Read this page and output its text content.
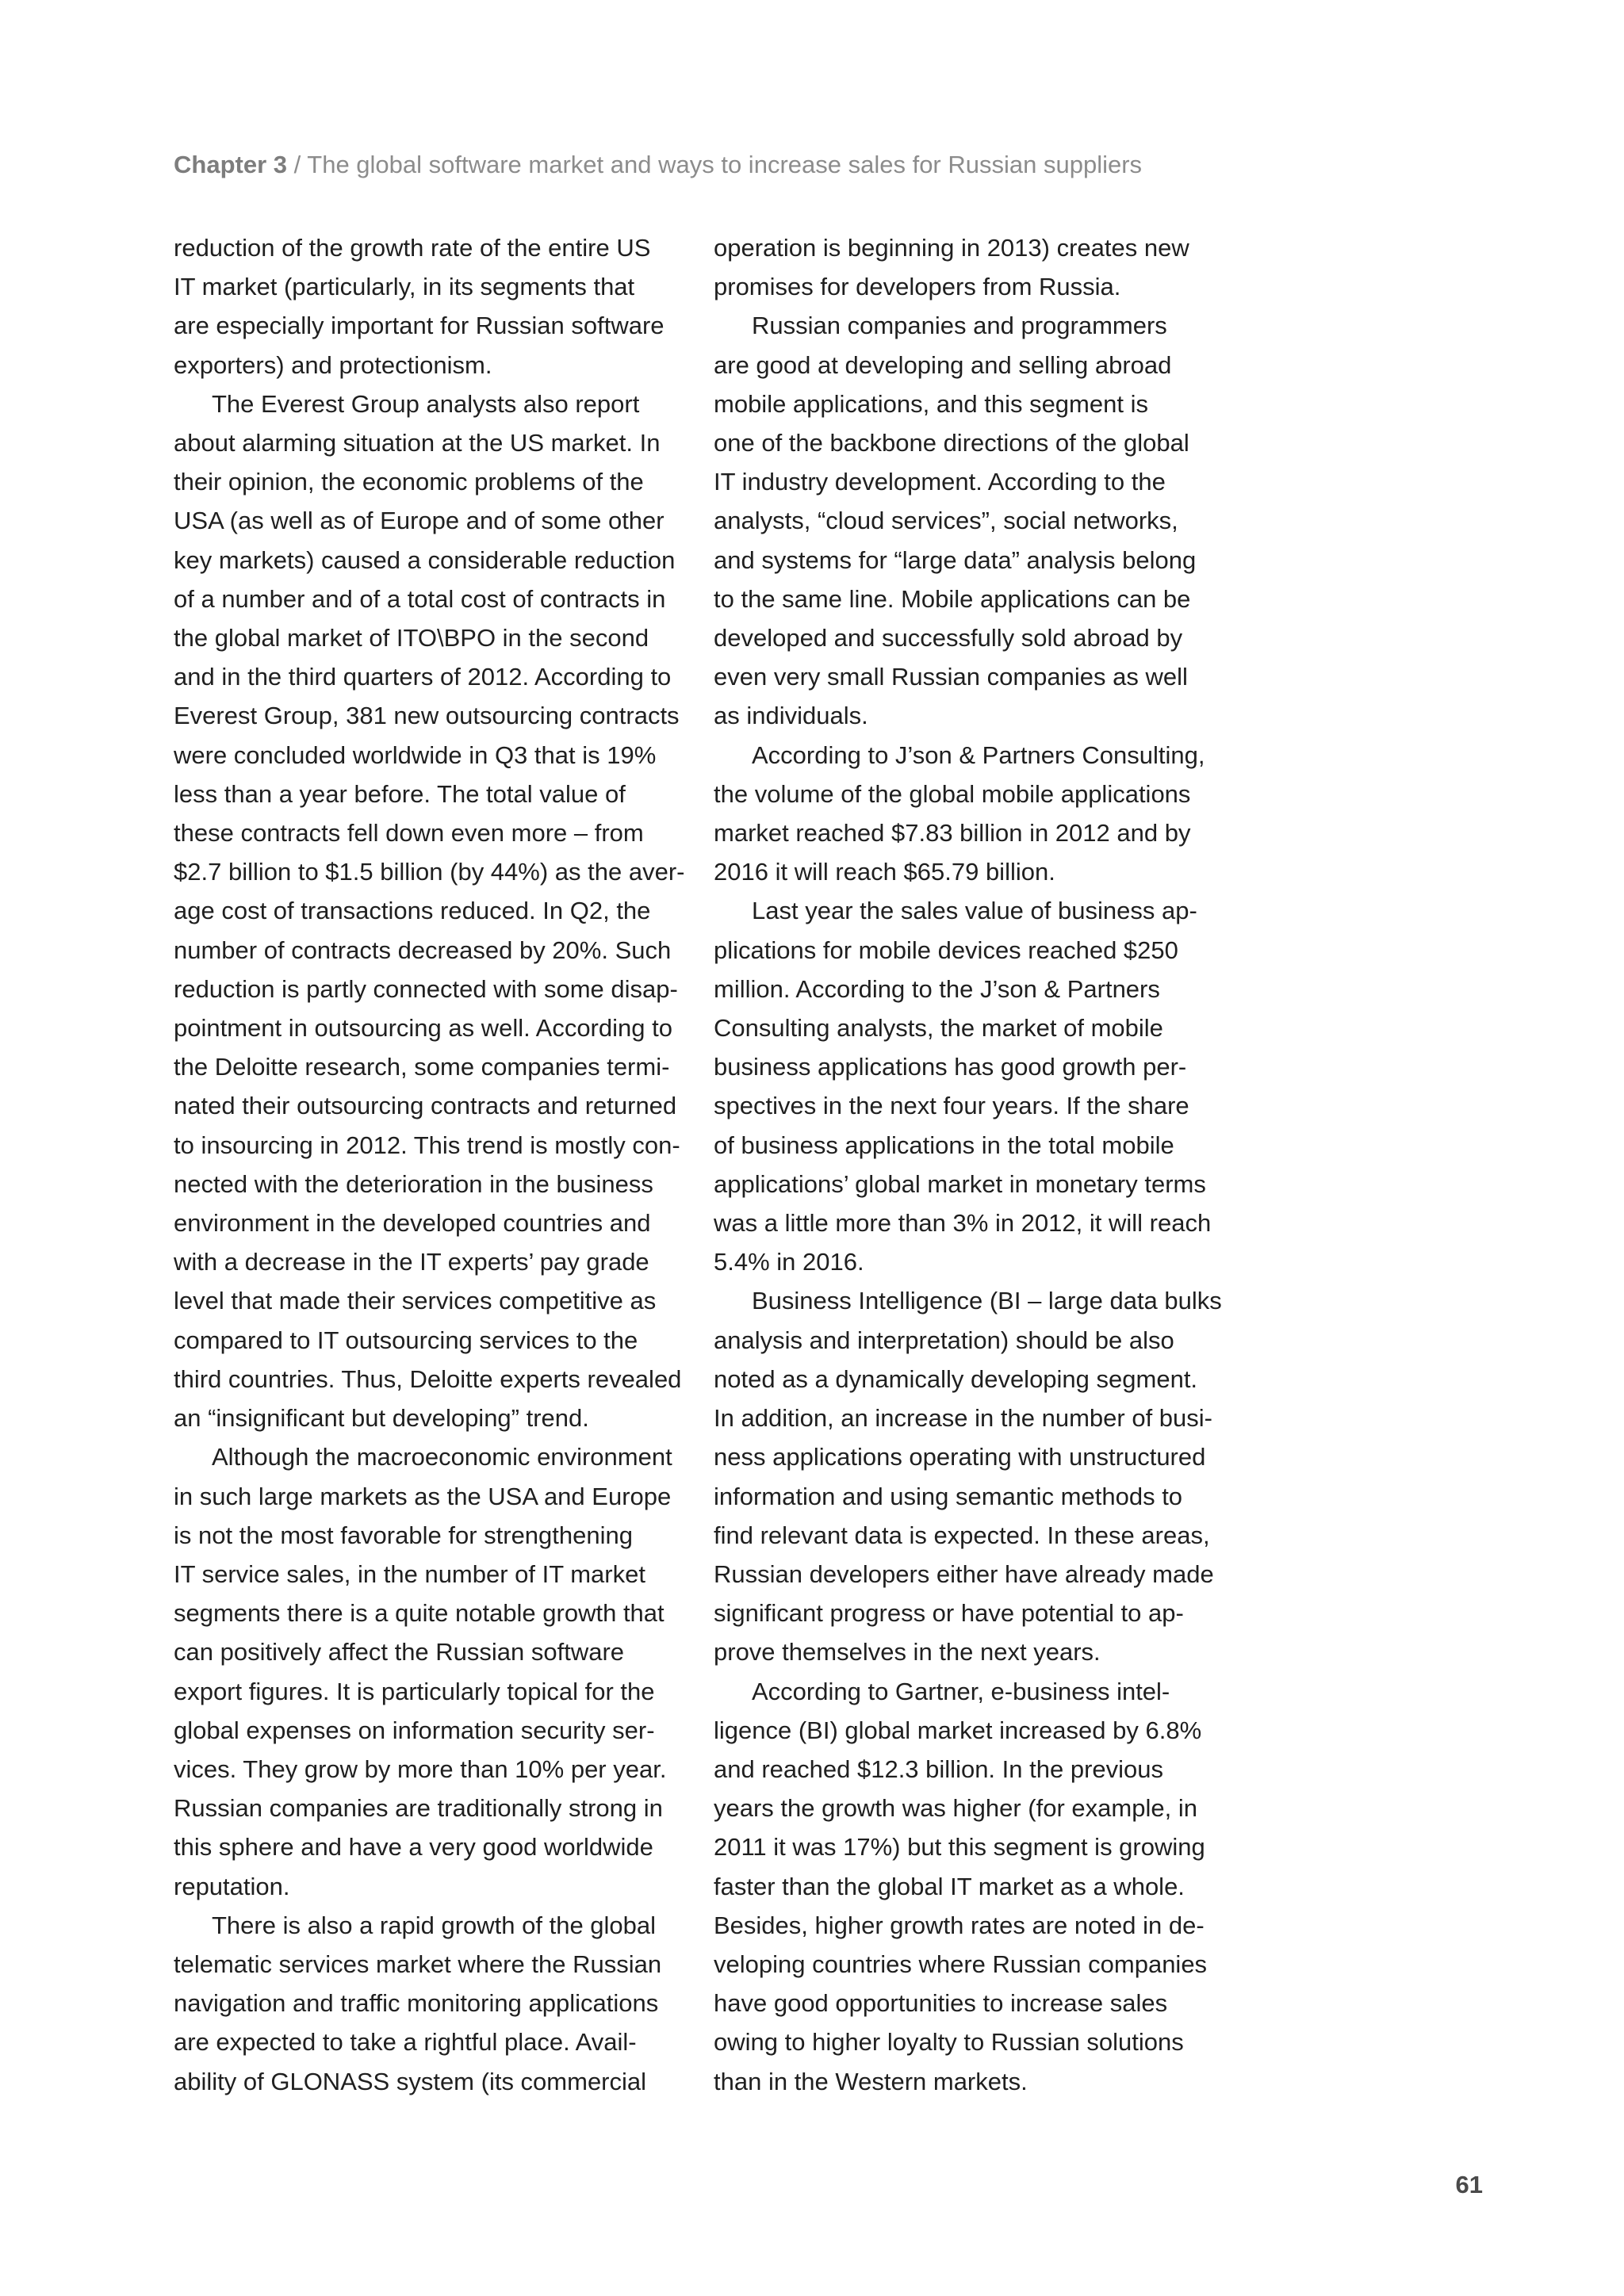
Chapter 3 / The global software market and ways to increase sales for Russian suppliers

reduction of the growth rate of the entire US

IT market (particularly, in its segments that

are especially important for Russian software

exporters) and protectionism.

The Everest Group analysts also report

about alarming situation at the US market. In

their opinion, the economic problems of the

USA (as well as of Europe and of some other

key markets) caused a considerable reduction

of a number and of a total cost of contracts in

the global market of ITO\BPO in the second

and in the third quarters of 2012. According to

Everest Group, 381 new outsourcing contracts

were concluded worldwide in Q3 that is 19%

less than a year before. The total value of

these contracts fell down even more – from

$2.7 billion to $1.5 billion (by 44%) as the aver-

age cost of transactions reduced. In Q2, the

number of contracts decreased by 20%. Such

reduction is partly connected with some disap-

pointment in outsourcing as well. According to

the Deloitte research, some companies termi-

nated their outsourcing contracts and returned

to insourcing in 2012. This trend is mostly con-

nected with the deterioration in the business

environment in the developed countries and

with a decrease in the IT experts’ pay grade

level that made their services competitive as

compared to IT outsourcing services to the

third countries. Thus, Deloitte experts revealed

an “insignificant but developing” trend.

Although the macroeconomic environment

in such large markets as the USA and Europe

is not the most favorable for strengthening

IT service sales, in the number of IT market

segments there is a quite notable growth that

can positively affect the Russian software

export figures. It is particularly topical for the

global expenses on information security ser-

vices. They grow by more than 10% per year.

Russian companies are traditionally strong in

this sphere and have a very good worldwide

reputation.

There is also a rapid growth of the global

telematic services market where the Russian

navigation and traffic monitoring applications

are expected to take a rightful place. Avail-

ability of GLONASS system (its commercial

operation is beginning in 2013) creates new

promises for developers from Russia.

Russian companies and programmers

are good at developing and selling abroad

mobile applications, and this segment is

one of the backbone directions of the global

IT industry development. According to the

analysts, “cloud services”, social networks,

and systems for “large data” analysis belong

to the same line. Mobile applications can be

developed and successfully sold abroad by

even very small Russian companies as well

as individuals.

According to J’son & Partners Consulting,

the volume of the global mobile applications

market reached $7.83 billion in 2012 and by

2016 it will reach $65.79 billion.

Last year the sales value of business ap-

plications for mobile devices reached $250

million. According to the J’son & Partners

Consulting analysts, the market of mobile

business applications has good growth per-

spectives in the next four years. If the share

of business applications in the total mobile

applications’ global market in monetary terms

was a little more than 3% in 2012, it will reach

5.4% in 2016.

Business Intelligence (BI – large data bulks

analysis and interpretation) should be also

noted as a dynamically developing segment.

In addition, an increase in the number of busi-

ness applications operating with unstructured

information and using semantic methods to

find relevant data is expected. In these areas,

Russian developers either have already made

significant progress or have potential to ap-

prove themselves in the next years.

According to Gartner, e-business intel-

ligence (BI) global market increased by 6.8%

and reached $12.3 billion. In the previous

years the growth was higher (for example, in

2011 it was 17%) but this segment is growing

faster than the global IT market as a whole.

Besides, higher growth rates are noted in de-

veloping countries where Russian companies

have good opportunities to increase sales

owing to higher loyalty to Russian solutions

than in the Western markets.

61
